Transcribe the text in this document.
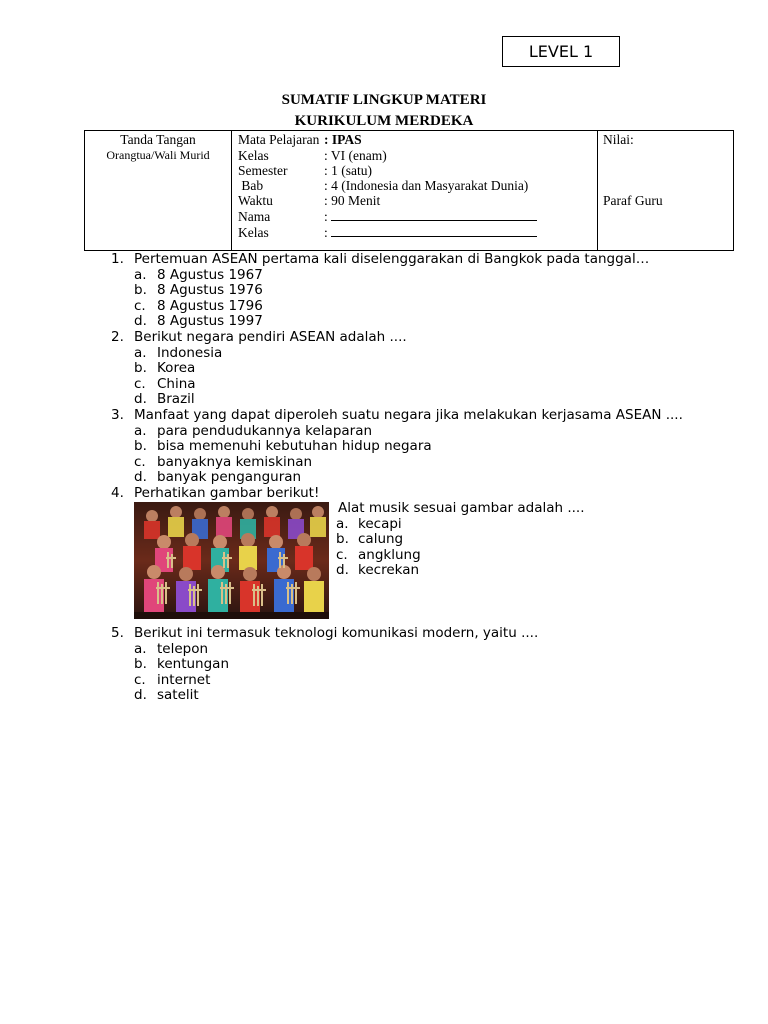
LEVEL 1
SUMATIF LINGKUP MATERI
KURIKULUM MERDEKA
Tanda Tangan
Orangtua/Wali Murid
Mata Pelajaran : IPAS
Kelas	: VI (enam)
Semester	: 1 (satu)
Bab	: 4 (Indonesia dan Masyarakat Dunia)
Waktu	: 90 Menit
Nama	:
Kelas	:
Nilai:
Paraf Guru
1. Pertemuan ASEAN pertama kali diselenggarakan di Bangkok pada tanggal…
a. 8 Agustus 1967
b. 8 Agustus 1976
c. 8 Agustus 1796
d. 8 Agustus 1997
2. Berikut negara pendiri ASEAN adalah ....
a. Indonesia
b. Korea
c. China
d. Brazil
3. Manfaat yang dapat diperoleh suatu negara jika melakukan kerjasama ASEAN ....
a. para pendudukannya kelaparan
b. bisa memenuhi kebutuhan hidup negara
c. banyaknya kemiskinan
d. banyak penganguran
4. Perhatikan gambar berikut!
5. Berikut ini termasuk teknologi komunikasi modern, yaitu ....
a. telepon
b. kentungan
c. internet
d. satelit
Alat musik sesuai gambar adalah ....
a. kecapi
b. calung
c. angklung
d. kecrekan
